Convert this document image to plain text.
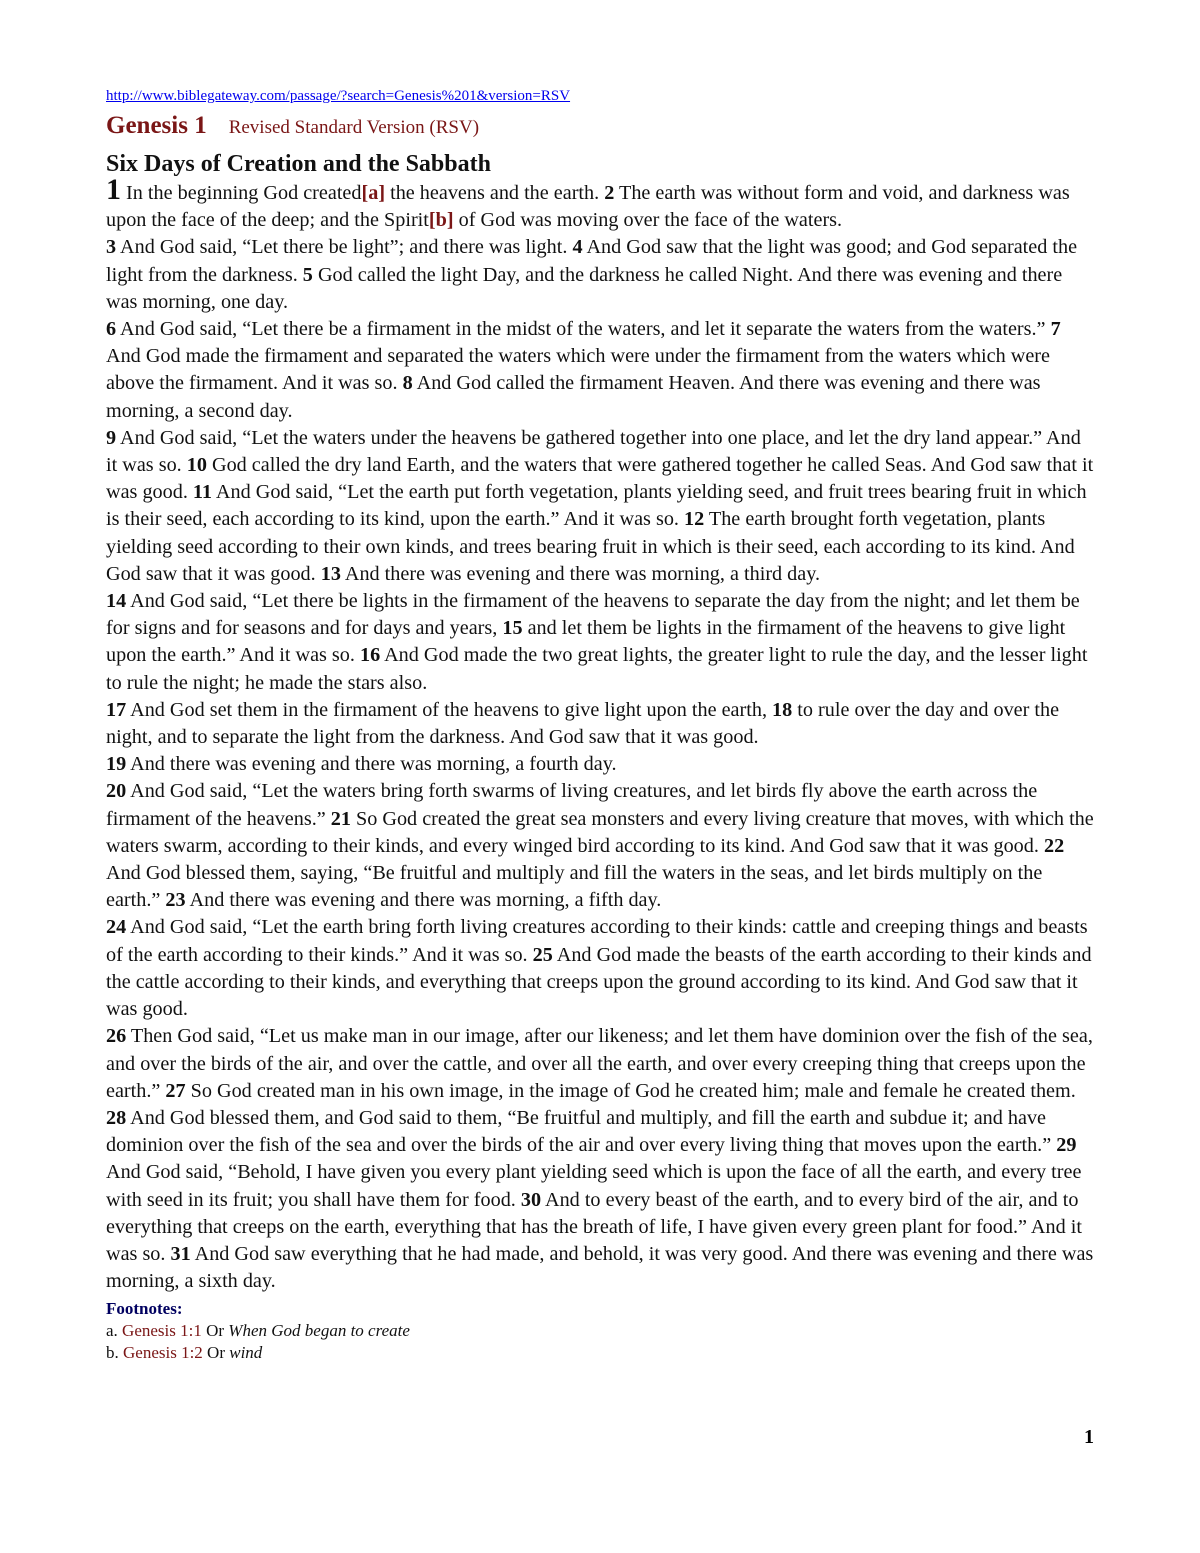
http://www.biblegateway.com/passage/?search=Genesis%201&version=RSV
Genesis 1 Revised Standard Version (RSV)
Six Days of Creation and the Sabbath

1 In the beginning God created[a] the heavens and the earth. 2 The earth was without form and void, and darkness was upon the face of the deep; and the Spirit[b] of God was moving over the face of the waters.

3 And God said, “Let there be light”; and there was light. 4 And God saw that the light was good; and God separated the light from the darkness. 5 God called the light Day, and the darkness he called Night. And there was evening and there was morning, one day.

6 And God said, “Let there be a firmament in the midst of the waters, and let it separate the waters from the waters.” 7 And God made the firmament and separated the waters which were under the firmament from the waters which were above the firmament. And it was so. 8 And God called the firmament Heaven. And there was evening and there was morning, a second day.

9 And God said, “Let the waters under the heavens be gathered together into one place, and let the dry land appear.” And it was so. 10 God called the dry land Earth, and the waters that were gathered together he called Seas. And God saw that it was good. 11 And God said, “Let the earth put forth vegetation, plants yielding seed, and fruit trees bearing fruit in which is their seed, each according to its kind, upon the earth.” And it was so. 12 The earth brought forth vegetation, plants yielding seed according to their own kinds, and trees bearing fruit in which is their seed, each according to its kind. And God saw that it was good. 13 And there was evening and there was morning, a third day.

14 And God said, “Let there be lights in the firmament of the heavens to separate the day from the night; and let them be for signs and for seasons and for days and years, 15 and let them be lights in the firmament of the heavens to give light upon the earth.” And it was so. 16 And God made the two great lights, the greater light to rule the day, and the lesser light to rule the night; he made the stars also.

17 And God set them in the firmament of the heavens to give light upon the earth, 18 to rule over the day and over the night, and to separate the light from the darkness. And God saw that it was good.

19 And there was evening and there was morning, a fourth day.

20 And God said, “Let the waters bring forth swarms of living creatures, and let birds fly above the earth across the firmament of the heavens.” 21 So God created the great sea monsters and every living creature that moves, with which the waters swarm, according to their kinds, and every winged bird according to its kind. And God saw that it was good. 22 And God blessed them, saying, “Be fruitful and multiply and fill the waters in the seas, and let birds multiply on the earth.” 23 And there was evening and there was morning, a fifth day.

24 And God said, “Let the earth bring forth living creatures according to their kinds: cattle and creeping things and beasts of the earth according to their kinds.” And it was so. 25 And God made the beasts of the earth according to their kinds and the cattle according to their kinds, and everything that creeps upon the ground according to its kind. And God saw that it was good.

26 Then God said, “Let us make man in our image, after our likeness; and let them have dominion over the fish of the sea, and over the birds of the air, and over the cattle, and over all the earth, and over every creeping thing that creeps upon the earth.” 27 So God created man in his own image, in the image of God he created him; male and female he created them. 28 And God blessed them, and God said to them, “Be fruitful and multiply, and fill the earth and subdue it; and have dominion over the fish of the sea and over the birds of the air and over every living thing that moves upon the earth.” 29 And God said, “Behold, I have given you every plant yielding seed which is upon the face of all the earth, and every tree with seed in its fruit; you shall have them for food. 30 And to every beast of the earth, and to every bird of the air, and to everything that creeps on the earth, everything that has the breath of life, I have given every green plant for food.” And it was so. 31 And God saw everything that he had made, and behold, it was very good. And there was evening and there was morning, a sixth day.

Footnotes:
a. Genesis 1:1 Or When God began to create
b. Genesis 1:2 Or wind
1
